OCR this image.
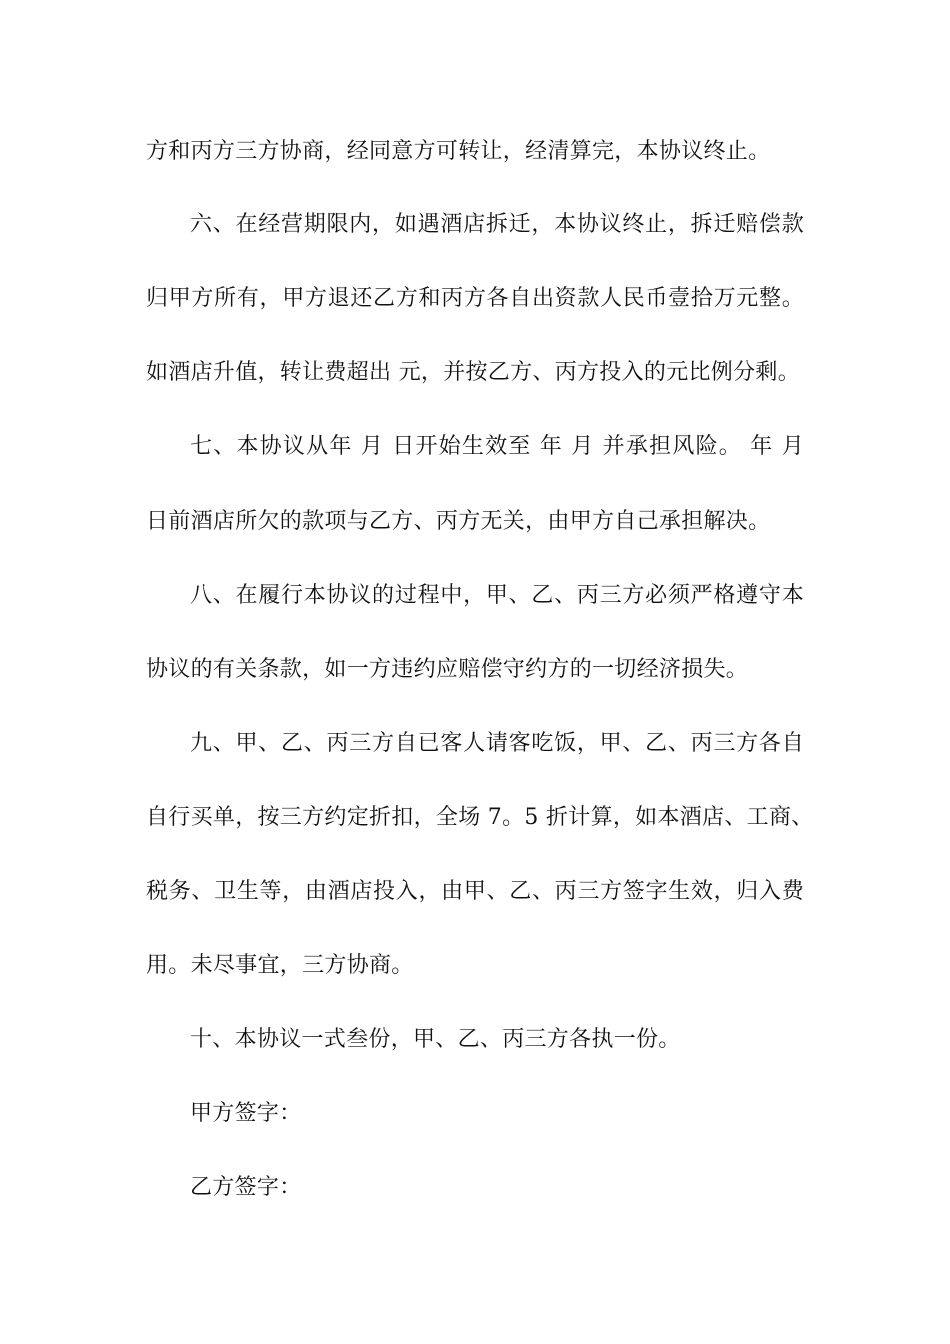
方和丙方三方协商，经同意方可转让，经清算完，本协议终止。
六、在经营期限内，如遇酒店拆迁，本协议终止，拆迁赔偿款
归甲方所有，甲方退还乙方和丙方各自出资款人民币壹拾万元整。
如酒店升值，转让费超出 元，并按乙方、丙方投入的元比例分剩。
七、本协议从年 月 日开始生效至 年 月 并承担风险。 年 月
日前酒店所欠的款项与乙方、丙方无关，由甲方自己承担解决。
八、在履行本协议的过程中，甲、乙、丙三方必须严格遵守本
协议的有关条款，如一方违约应赔偿守约方的一切经济损失。
九、甲、乙、丙三方自已客人请客吃饭，甲、乙、丙三方各自
自行买单，按三方约定折扣，全场 7。5 折计算，如本酒店、工商、
税务、卫生等，由酒店投入，由甲、乙、丙三方签字生效，归入费
用。未尽事宜，三方协商。
十、本协议一式叁份，甲、乙、丙三方各执一份。
甲方签字：
乙方签字：
